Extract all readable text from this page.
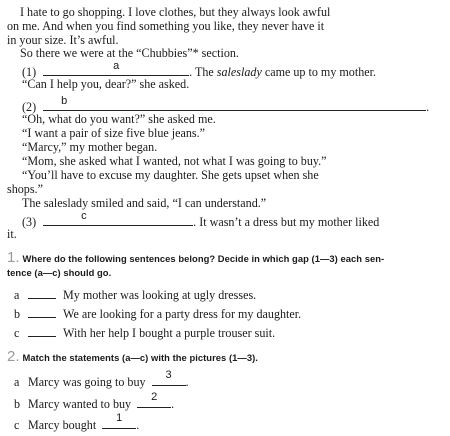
I hate to go shopping. I love clothes, but they always look awful
on me. And when you find something you like, they never have it
in your size. It’s awful.
So there we were at the “Chubbies”* section.
(1)	a	. The saleslady came up to my mother.
“Can I help you, dear?” she asked.
(2) b	.
“Oh, what do you want?” she asked me.
“I want a pair of size five blue jeans.”
“Marcy,” my mother began.
“Mom, she asked what I wanted, not what I was going to buy.”
“You’ll have to excuse my daughter. She gets upset when she
shops.”
The saleslady smiled and said, “I can understand.”
(3)	c	. It wasn’t a dress but my mother liked
it.
1. Where do the following sentences belong? Decide in which gap (1—3) each sen-
tence (a—c) should go.
a	My mother was looking at ugly dresses.
b	We are looking for a party dress for my daughter.
c	With her help I bought a purple trouser suit.
2. Match the statements (a—c) with the pictures (1—3).
a Marcy was going to buy	3	.
b Marcy wanted to buy	2	.
c Marcy bought	1	.
